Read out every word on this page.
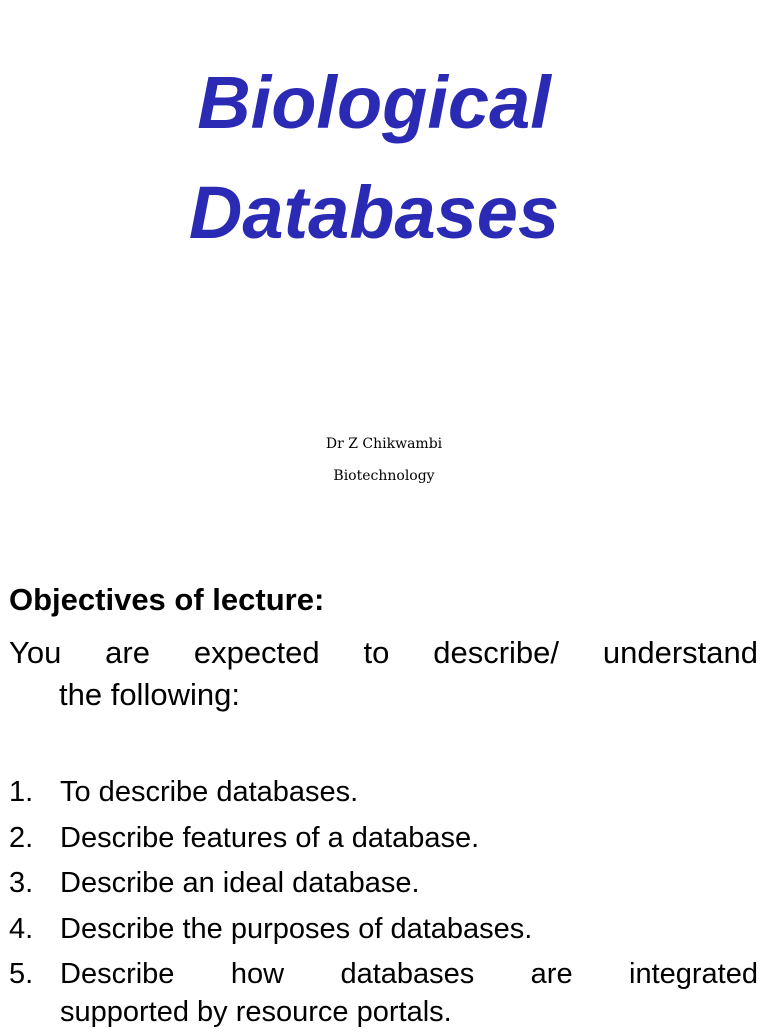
Biological
Databases
Dr Z Chikwambi
Biotechnology

Objectives of lecture:

You are expected to describe/ understand
the following:

1. To describe databases.
2. Describe features of a database.
3. Describe an ideal database.
4. Describe the purposes of databases.
5. Describe how databases are integrated
supported by resource portals.
